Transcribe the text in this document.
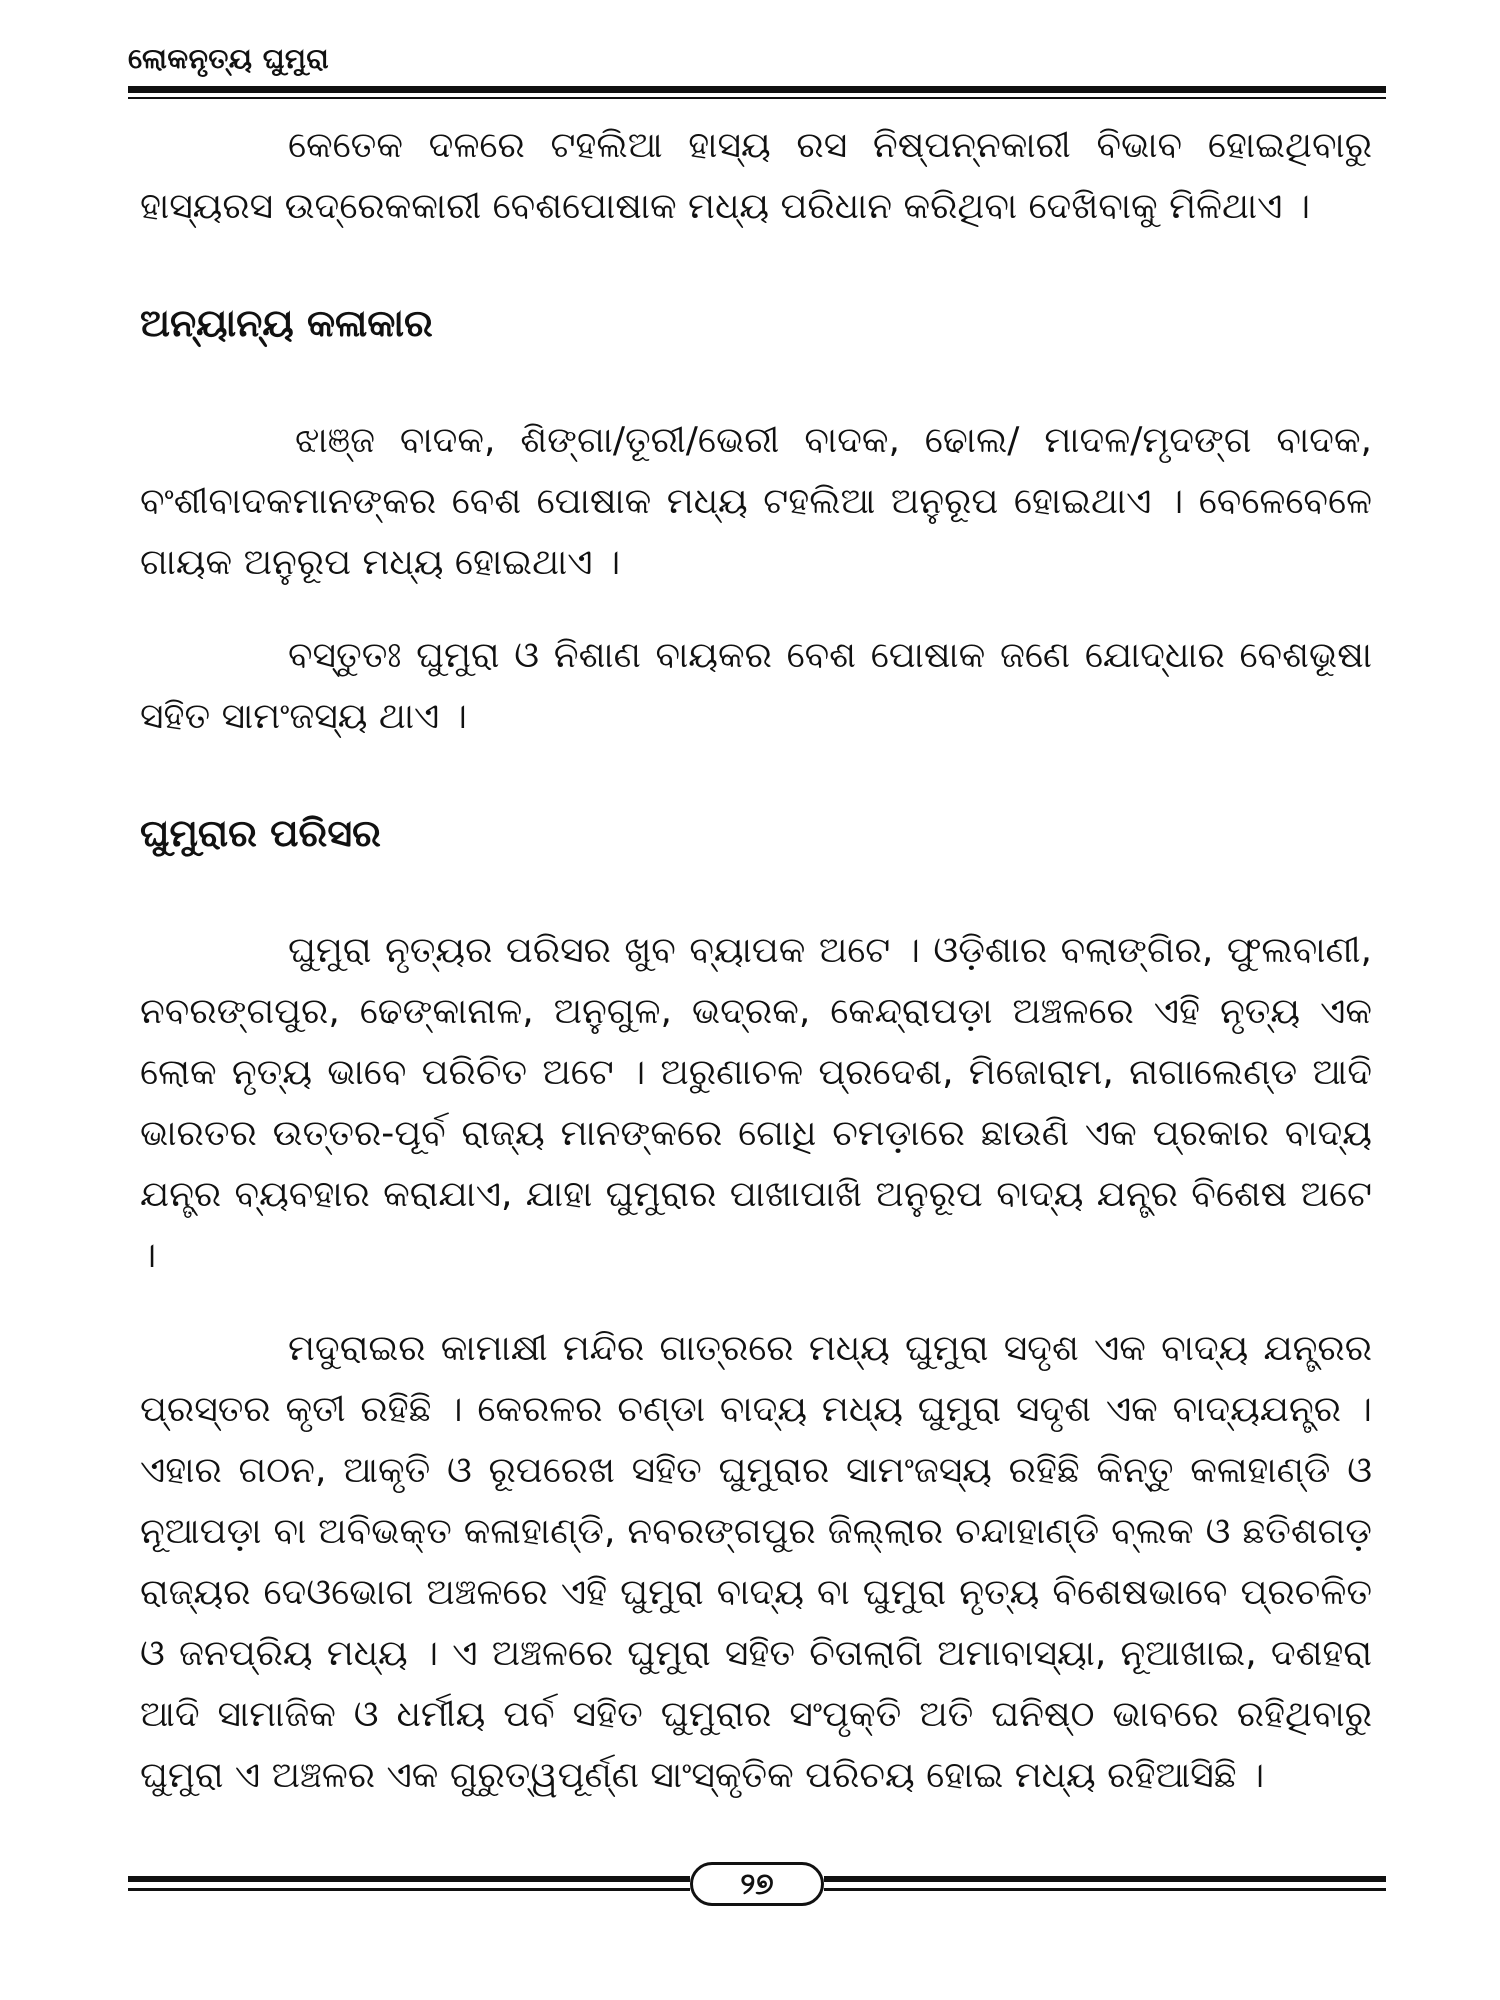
ଲୋକନୃତ୍ୟ ଘୁମୁରା

କେତେକ ଦଳରେ ଟହଲିଆ ହାସ୍ୟ ରସ ନିଷ୍ପନ୍ନକାରୀ ବିଭାବ ହୋଇଥିବାରୁ ହାସ୍ୟରସ ଉଦ୍ରେକକାରୀ ବେଶପୋଷାକ ମଧ୍ୟ ପରିଧାନ କରିଥିବା ଦେଖିବାକୁ ମିଳିଥାଏ ।

ଅନ୍ୟାନ୍ୟ କଳାକାର

ଝାଞ୍ଜ ବାଦକ, ଶିଙ୍ଗା/ତୂରୀ/ଭେରୀ ବାଦକ, ଢୋଲ/ ମାଦଳ/ମୃଦଙ୍ଗ ବାଦକ, ବଂଶୀବାଦକମାନଙ୍କର ବେଶ ପୋଷାକ ମଧ୍ୟ ଟହଲିଆ ଅନୁରୂପ ହୋଇଥାଏ । ବେଳେବେଳେ ଗାୟକ ଅନୁରୂପ ମଧ୍ୟ ହୋଇଥାଏ ।

ବସ୍ତୁତଃ ଘୁମୁରା ଓ ନିଶାଣ ବାୟକର ବେଶ ପୋଷାକ ଜଣେ ଯୋଦ୍ଧାର ବେଶଭୂଷା ସହିତ ସାମଂଜସ୍ୟ ଥାଏ ।

ଘୁମୁରାର ପରିସର

ଘୁମୁରା ନୃତ୍ୟର ପରିସର ଖୁବ ବ୍ୟାପକ ଅଟେ । ଓଡ଼ିଶାର ବଲାଙ୍ଗିର, ଫୁଲବାଣୀ, ନବରଙ୍ଗପୁର, ଢେଙ୍କାନାଳ, ଅନୁଗୁଳ, ଭଦ୍ରକ, କେନ୍ଦ୍ରାପଡ଼ା ଅଞ୍ଚଳରେ ଏହି ନୃତ୍ୟ ଏକ ଲୋକ ନୃତ୍ୟ ଭାବେ ପରିଚିତ ଅଟେ । ଅରୁଣାଚଳ ପ୍ରଦେଶ, ମିଜୋରାମ, ନାଗାଲେଣ୍ଡ ଆଦି ଭାରତର ଉତ୍ତର-ପୂର୍ବ ରାଜ୍ୟ ମାନଙ୍କରେ ଗୋଧି ଚମଡ଼ାରେ ଛାଉଣି ଏକ ପ୍ରକାର ବାଦ୍ୟ ଯନ୍ତ୍ର ବ୍ୟବହାର କରାଯାଏ, ଯାହା ଘୁମୁରାର ପାଖାପାଖି ଅନୁରୂପ ବାଦ୍ୟ ଯନ୍ତ୍ର ବିଶେଷ ଅଟେ ।

ମଦୁରାଇର କାମାକ୍ଷୀ ମନ୍ଦିର ଗାତ୍ରରେ ମଧ୍ୟ ଘୁମୁରା ସଦୃଶ ଏକ ବାଦ୍ୟ ଯନ୍ତ୍ରର ପ୍ରସ୍ତର କୃତୀ ରହିଛି । କେରଳର ଚଣ୍ଡା ବାଦ୍ୟ ମଧ୍ୟ ଘୁମୁରା ସଦୃଶ ଏକ ବାଦ୍ୟଯନ୍ତ୍ର । ଏହାର ଗଠନ, ଆକୃତି ଓ ରୂପରେଖ ସହିତ ଘୁମୁରାର ସାମଂଜସ୍ୟ ରହିଛି କିନ୍ତୁ କଳାହାଣ୍ଡି ଓ ନୂଆପଡ଼ା ବା ଅବିଭକ୍ତ କଳାହାଣ୍ଡି, ନବରଙ୍ଗପୁର ଜିଲ୍ଲାର ଚନ୍ଦାହାଣ୍ଡି ବ୍ଲକ ଓ ଛତିଶଗଡ଼ ରାଜ୍ୟର ଦେଓଭୋଗ ଅଞ୍ଚଳରେ ଏହି ଘୁମୁରା ବାଦ୍ୟ ବା ଘୁମୁରା ନୃତ୍ୟ ବିଶେଷଭାବେ ପ୍ରଚଳିତ ଓ ଜନପ୍ରିୟ ମଧ୍ୟ । ଏ ଅଞ୍ଚଳରେ ଘୁମୁରା ସହିତ ଚିତାଲାଗି ଅମାବାସ୍ୟା, ନୂଆଖାଇ, ଦଶହରା ଆଦି ସାମାଜିକ ଓ ଧର୍ମୀୟ ପର୍ବ ସହିତ ଘୁମୁରାର ସଂପୃକ୍ତି ଅତି ଘନିଷ୍ଠ ଭାବରେ ରହିଥିବାରୁ ଘୁମୁରା ଏ ଅଞ୍ଚଳର ଏକ ଗୁରୁତ୍ୱପୂର୍ଣ୍ଣ ସାଂସ୍କୃତିକ ପରିଚୟ ହୋଇ ମଧ୍ୟ ରହିଆସିଛି ।

୨୭
